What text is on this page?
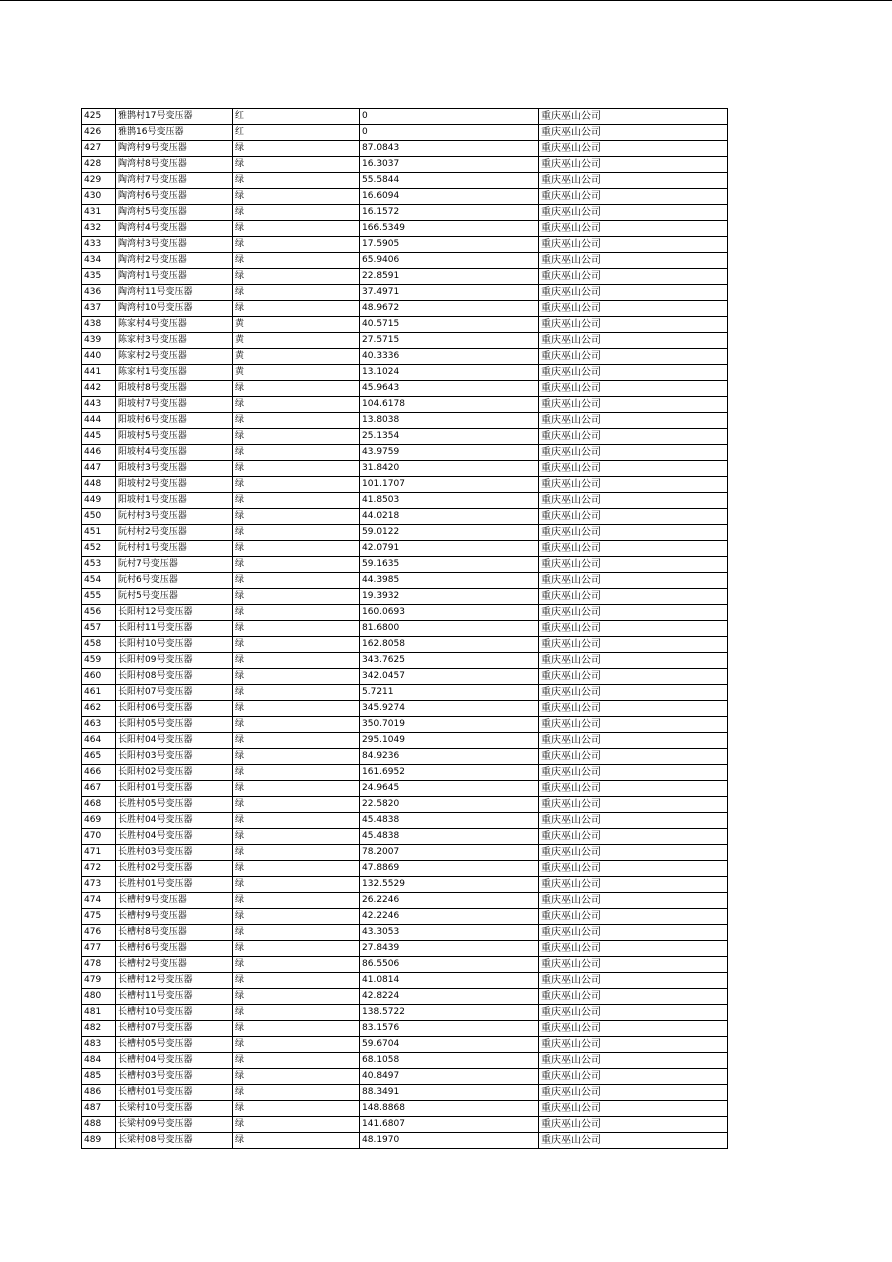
425	雅鹊村17号变压器	红	0	重庆巫山公司
426	雅鹊16号变压器	红	0	重庆巫山公司
427	陶湾村9号变压器	绿	87.0843	重庆巫山公司
428	陶湾村8号变压器	绿	16.3037	重庆巫山公司
429	陶湾村7号变压器	绿	55.5844	重庆巫山公司
430	陶湾村6号变压器	绿	16.6094	重庆巫山公司
431	陶湾村5号变压器	绿	16.1572	重庆巫山公司
432	陶湾村4号变压器	绿	166.5349	重庆巫山公司
433	陶湾村3号变压器	绿	17.5905	重庆巫山公司
434	陶湾村2号变压器	绿	65.9406	重庆巫山公司
435	陶湾村1号变压器	绿	22.8591	重庆巫山公司
436	陶湾村11号变压器	绿	37.4971	重庆巫山公司
437	陶湾村10号变压器	绿	48.9672	重庆巫山公司
438	陈家村4号变压器	黄	40.5715	重庆巫山公司
439	陈家村3号变压器	黄	27.5715	重庆巫山公司
440	陈家村2号变压器	黄	40.3336	重庆巫山公司
441	陈家村1号变压器	黄	13.1024	重庆巫山公司
442	阳坡村8号变压器	绿	45.9643	重庆巫山公司
443	阳坡村7号变压器	绿	104.6178	重庆巫山公司
444	阳坡村6号变压器	绿	13.8038	重庆巫山公司
445	阳坡村5号变压器	绿	25.1354	重庆巫山公司
446	阳坡村4号变压器	绿	43.9759	重庆巫山公司
447	阳坡村3号变压器	绿	31.8420	重庆巫山公司
448	阳坡村2号变压器	绿	101.1707	重庆巫山公司
449	阳坡村1号变压器	绿	41.8503	重庆巫山公司
450	阮村村3号变压器	绿	44.0218	重庆巫山公司
451	阮村村2号变压器	绿	59.0122	重庆巫山公司
452	阮村村1号变压器	绿	42.0791	重庆巫山公司
453	阮村7号变压器	绿	59.1635	重庆巫山公司
454	阮村6号变压器	绿	44.3985	重庆巫山公司
455	阮村5号变压器	绿	19.3932	重庆巫山公司
456	长阳村12号变压器	绿	160.0693	重庆巫山公司
457	长阳村11号变压器	绿	81.6800	重庆巫山公司
458	长阳村10号变压器	绿	162.8058	重庆巫山公司
459	长阳村09号变压器	绿	343.7625	重庆巫山公司
460	长阳村08号变压器	绿	342.0457	重庆巫山公司
461	长阳村07号变压器	绿	5.7211	重庆巫山公司
462	长阳村06号变压器	绿	345.9274	重庆巫山公司
463	长阳村05号变压器	绿	350.7019	重庆巫山公司
464	长阳村04号变压器	绿	295.1049	重庆巫山公司
465	长阳村03号变压器	绿	84.9236	重庆巫山公司
466	长阳村02号变压器	绿	161.6952	重庆巫山公司
467	长阳村01号变压器	绿	24.9645	重庆巫山公司
468	长胜村05号变压器	绿	22.5820	重庆巫山公司
469	长胜村04号变压器	绿	45.4838	重庆巫山公司
470	长胜村04号变压器	绿	45.4838	重庆巫山公司
471	长胜村03号变压器	绿	78.2007	重庆巫山公司
472	长胜村02号变压器	绿	47.8869	重庆巫山公司
473	长胜村01号变压器	绿	132.5529	重庆巫山公司
474	长槽村9号变压器	绿	26.2246	重庆巫山公司
475	长槽村9号变压器	绿	42.2246	重庆巫山公司
476	长槽村8号变压器	绿	43.3053	重庆巫山公司
477	长槽村6号变压器	绿	27.8439	重庆巫山公司
478	长槽村2号变压器	绿	86.5506	重庆巫山公司
479	长槽村12号变压器	绿	41.0814	重庆巫山公司
480	长槽村11号变压器	绿	42.8224	重庆巫山公司
481	长槽村10号变压器	绿	138.5722	重庆巫山公司
482	长槽村07号变压器	绿	83.1576	重庆巫山公司
483	长槽村05号变压器	绿	59.6704	重庆巫山公司
484	长槽村04号变压器	绿	68.1058	重庆巫山公司
485	长槽村03号变压器	绿	40.8497	重庆巫山公司
486	长槽村01号变压器	绿	88.3491	重庆巫山公司
487	长梁村10号变压器	绿	148.8868	重庆巫山公司
488	长梁村09号变压器	绿	141.6807	重庆巫山公司
489	长梁村08号变压器	绿	48.1970	重庆巫山公司
